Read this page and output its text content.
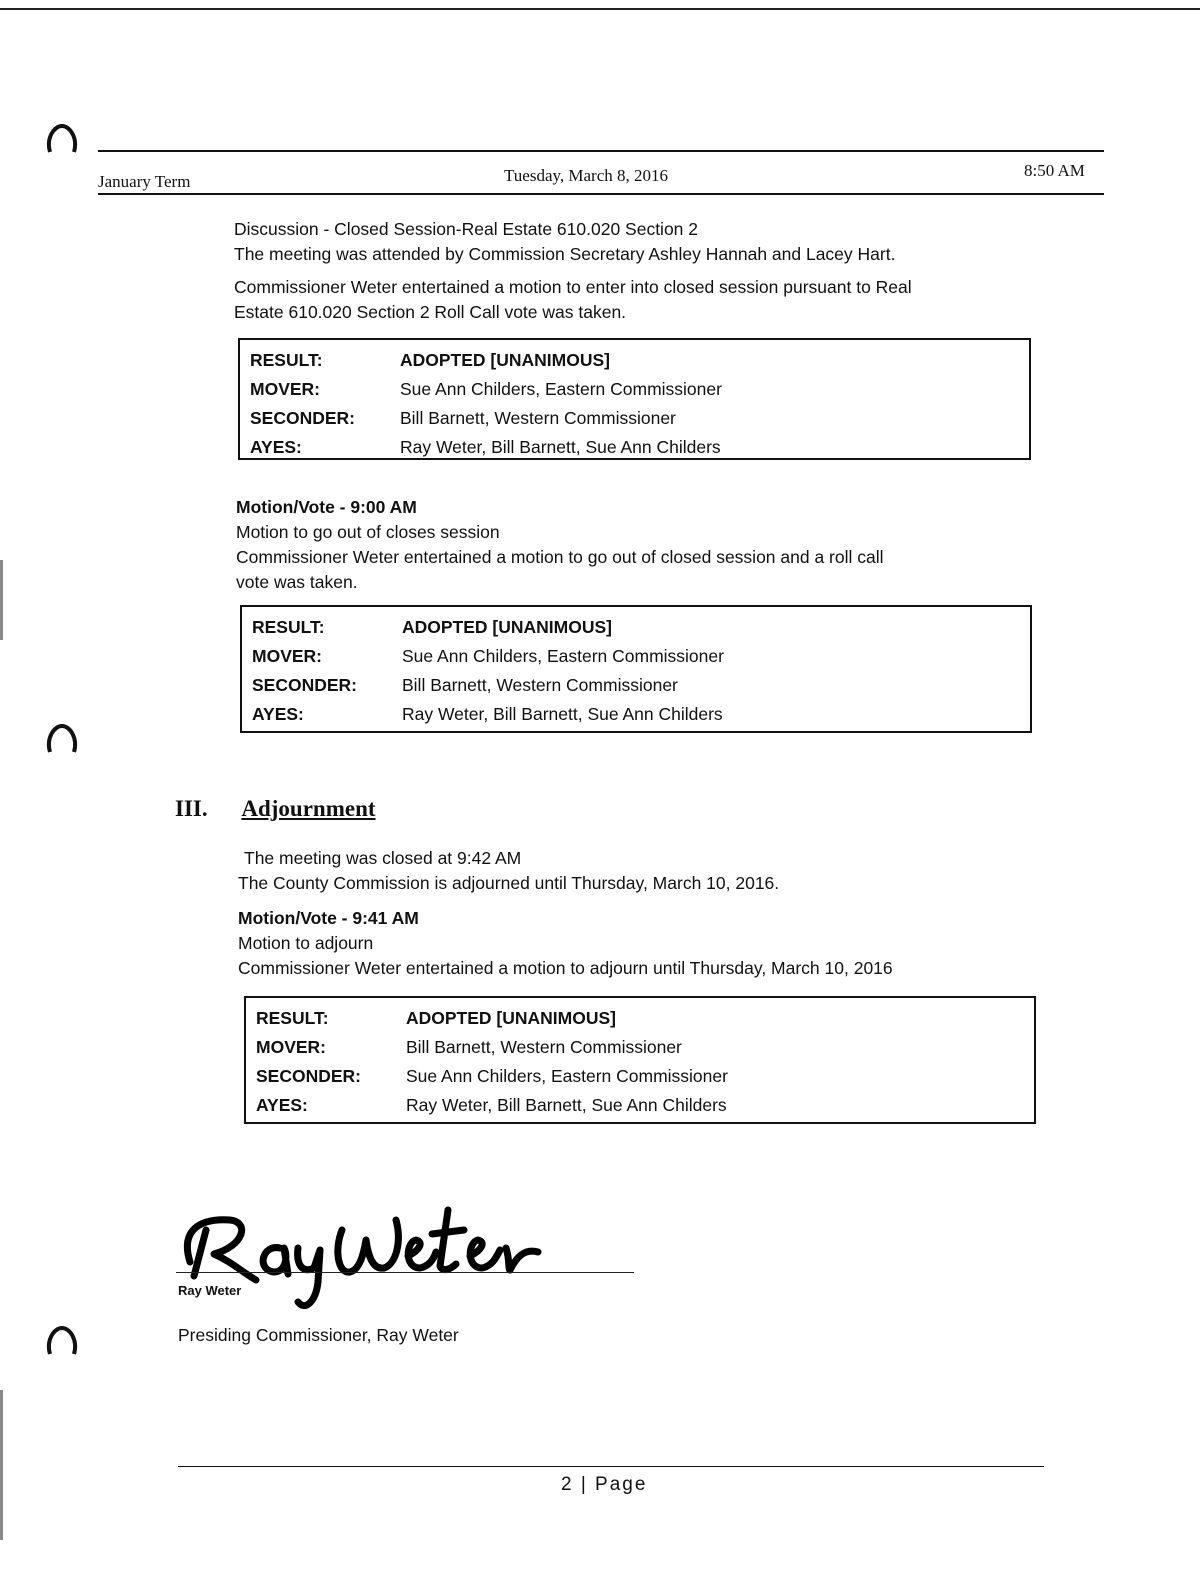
January Term	Tuesday, March 8, 2016	8:50 AM
Discussion - Closed Session-Real Estate 610.020 Section 2
The meeting was attended by Commission Secretary Ashley Hannah and Lacey Hart.
Commissioner Weter entertained a motion to enter into closed session pursuant to Real
Estate 610.020 Section 2 Roll Call vote was taken.
RESULT:	ADOPTED [UNANIMOUS]
MOVER:	Sue Ann Childers, Eastern Commissioner
SECONDER:	Bill Barnett, Western Commissioner
AYES:	Ray Weter, Bill Barnett, Sue Ann Childers
Motion/Vote - 9:00 AM
Motion to go out of closes session
Commissioner Weter entertained a motion to go out of closed session and a roll call
vote was taken.
RESULT:	ADOPTED [UNANIMOUS]
MOVER:	Sue Ann Childers, Eastern Commissioner
SECONDER:	Bill Barnett, Western Commissioner
AYES:	Ray Weter, Bill Barnett, Sue Ann Childers
III. Adjournment
The meeting was closed at 9:42 AM
The County Commission is adjourned until Thursday, March 10, 2016.
Motion/Vote - 9:41 AM
Motion to adjourn
Commissioner Weter entertained a motion to adjourn until Thursday, March 10, 2016
RESULT:	ADOPTED [UNANIMOUS]
MOVER:	Bill Barnett, Western Commissioner
SECONDER:	Sue Ann Childers, Eastern Commissioner
AYES:	Ray Weter, Bill Barnett, Sue Ann Childers
Ray Weter
Presiding Commissioner, Ray Weter
2 | Page
